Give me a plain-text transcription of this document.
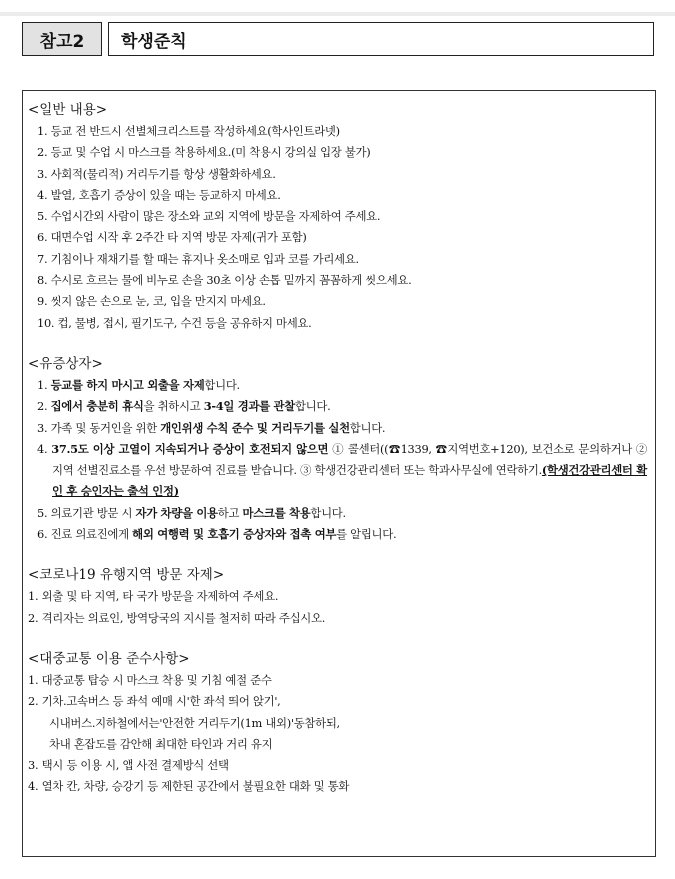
참고2	학생준칙

<일반 내용>

1. 등교 전 반드시 선별체크리스트를 작성하세요(학사인트라넷)

2. 등교 및 수업 시 마스크를 착용하세요.(미 착용시 강의실 입장 불가)

3. 사회적(물리적) 거리두기를 항상 생활화하세요.

4. 발열, 호흡기 증상이 있을 때는 등교하지 마세요.

5. 수업시간외 사람이 많은 장소와 교외 지역에 방문을 자제하여 주세요.

6. 대면수업 시작 후 2주간 타 지역 방문 자제(귀가 포함)

7. 기침이나 재채기를 할 때는 휴지나 옷소매로 입과 코를 가리세요.

8. 수시로 흐르는 물에 비누로 손을 30초 이상 손톱 밑까지 꼼꼼하게 씻으세요.

9. 씻지 않은 손으로 눈, 코, 입을 만지지 마세요.

10. 컵, 물병, 접시, 필기도구, 수건 등을 공유하지 마세요.

<유증상자>

1. 등교를 하지 마시고 외출을 자제합니다.

2. 집에서 충분히 휴식을 취하시고 3-4일 경과를 관찰합니다.

3. 가족 및 동거인을 위한 개인위생 수칙 준수 및 거리두기를 실천합니다.

4. 37.5도 이상 고열이 지속되거나 증상이 호전되지 않으면 ① 콜센터((☎1339, ☎지역번호+120), 보건소로 문의하거나 ② 지역 선별진료소를 우선 방문하여 진료를 받습니다. ③ 학생건강관리센터 또는 학과사무실에 연락하기.(학생건강관리센터 확인 후 승인자는 출석 인정)

5. 의료기관 방문 시 자가 차량을 이용하고 마스크를 착용합니다.

6. 진료 의료진에게 해외 여행력 및 호흡기 증상자와 접촉 여부를 알립니다.

<코로나19 유행지역 방문 자제>

1. 외출 및 타 지역, 타 국가 방문을 자제하여 주세요.

2. 격리자는 의료인, 방역당국의 지시를 철저히 따라 주십시오.

<대중교통 이용 준수사항>

1. 대중교통 탑승 시 마스크 착용 및 기침 예절 준수

2. 기차.고속버스 등 좌석 예매 시'한 좌석 띄어 앉기',

시내버스.지하철에서는'안전한 거리두기(1m 내외)'동참하되,

차내 혼잡도를 감안해 최대한 타인과 거리 유지

3. 택시 등 이용 시, 앱 사전 결제방식 선택

4. 열차 칸, 차량, 승강기 등 제한된 공간에서 불필요한 대화 및 통화
